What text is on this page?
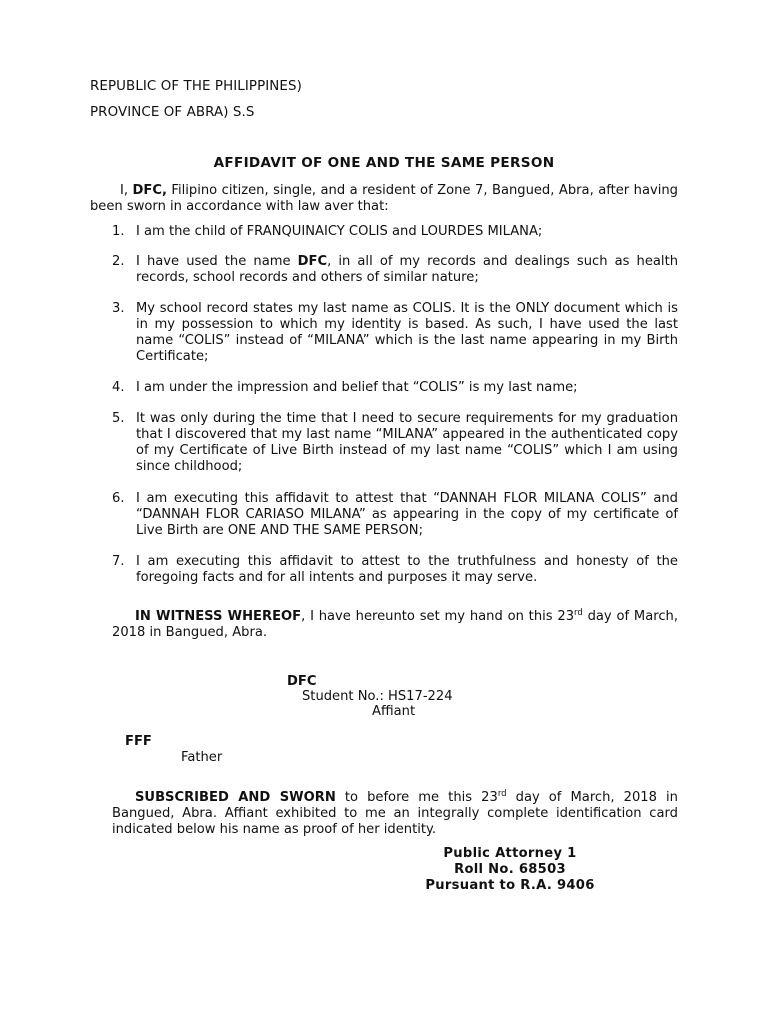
REPUBLIC OF THE PHILIPPINES)
PROVINCE OF ABRA) S.S
AFFIDAVIT OF ONE AND THE SAME PERSON
I, DFC, Filipino citizen, single, and a resident of Zone 7, Bangued, Abra, after having been sworn in accordance with law aver that:
1. I am the child of FRANQUINAICY COLIS and LOURDES MILANA;
2. I have used the name DFC, in all of my records and dealings such as health records, school records and others of similar nature;
3. My school record states my last name as COLIS. It is the ONLY document which is in my possession to which my identity is based. As such, I have used the last name “COLIS” instead of “MILANA” which is the last name appearing in my Birth Certificate;
4. I am under the impression and belief that “COLIS” is my last name;
5. It was only during the time that I need to secure requirements for my graduation that I discovered that my last name “MILANA” appeared in the authenticated copy of my Certificate of Live Birth instead of my last name “COLIS” which I am using since childhood;
6. I am executing this affidavit to attest that “DANNAH FLOR MILANA COLIS” and “DANNAH FLOR CARIASO MILANA” as appearing in the copy of my certificate of Live Birth are ONE AND THE SAME PERSON;
7. I am executing this affidavit to attest to the truthfulness and honesty of the foregoing facts and for all intents and purposes it may serve.
IN WITNESS WHEREOF, I have hereunto set my hand on this 23rd day of March, 2018 in Bangued, Abra.
DFC
Student No.: HS17-224
Affiant
FFF
Father
SUBSCRIBED AND SWORN to before me this 23rd day of March, 2018 in Bangued, Abra. Affiant exhibited to me an integrally complete identification card indicated below his name as proof of her identity.
Public Attorney 1
Roll No. 68503
Pursuant to R.A. 9406
